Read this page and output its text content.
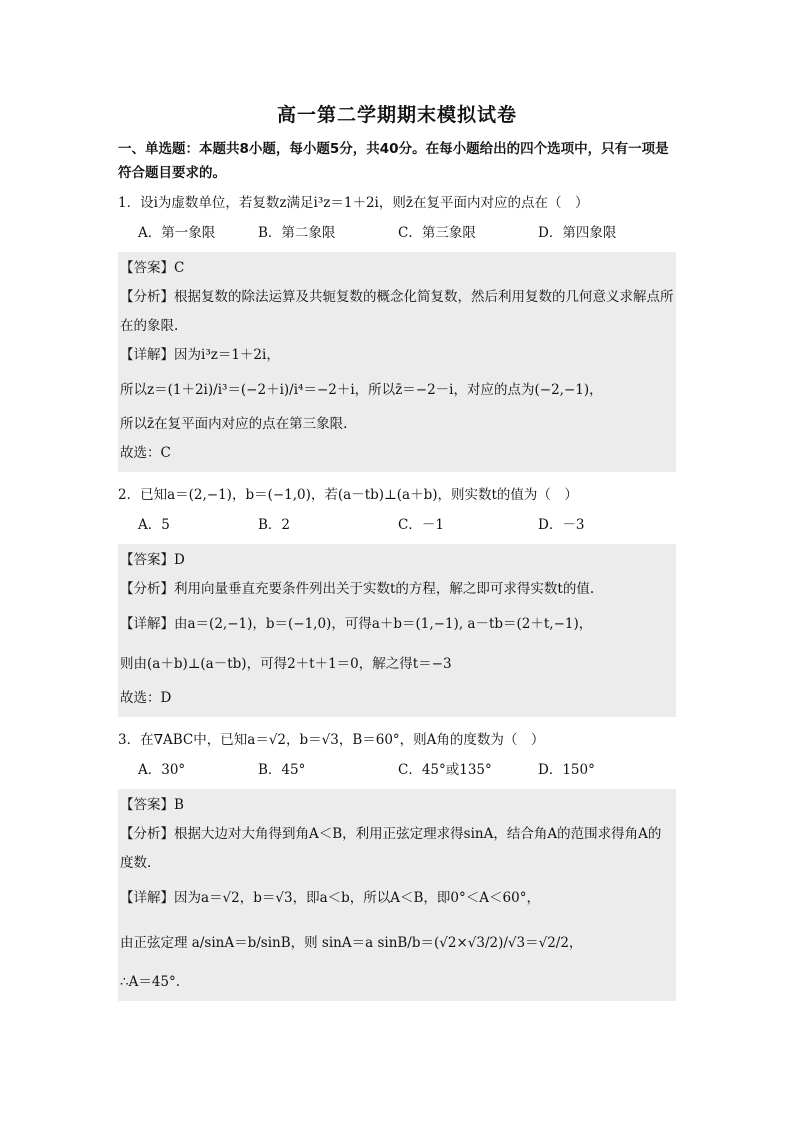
高一第二学期期末模拟试卷
一、单选题：本题共8小题，每小题5分，共40分。在每小题给出的四个选项中，只有一项是符合题目要求的。
1．设i为虚数单位，若复数z满足i³z＝1＋2i，则z̄在复平面内对应的点在（　）
A．第一象限	B．第二象限	C．第三象限	D．第四象限
【答案】C
【分析】根据复数的除法运算及共轭复数的概念化简复数，然后利用复数的几何意义求解点所在的象限.
【详解】因为i³z＝1＋2i，
所以z＝(1＋2i)/i³＝(−2＋i)/i⁴＝−2＋i，所以z̄＝−2－i，对应的点为(−2,−1)，
所以z̄在复平面内对应的点在第三象限.
故选：C
2．已知a＝(2,−1)，b＝(−1,0)，若(a－tb)⊥(a＋b)，则实数t的值为（　）
A．5	B．2	C．－1	D．－3
【答案】D
【分析】利用向量垂直充要条件列出关于实数t的方程，解之即可求得实数t的值.
【详解】由a＝(2,−1)，b＝(−1,0)，可得a＋b＝(1,−1), a－tb＝(2＋t,−1)，
则由(a＋b)⊥(a－tb)，可得2＋t＋1＝0，解之得t＝−3
故选：D
3．在∇ABC中，已知a＝√2，b＝√3，B＝60°，则A角的度数为（　）
A．30°	B．45°	C．45°或135°	D．150°
【答案】B
【分析】根据大边对大角得到角A＜B，利用正弦定理求得sinA，结合角A的范围求得角A的度数.
【详解】因为a＝√2，b＝√3，即a＜b，所以A＜B，即0°＜A＜60°，
由正弦定理 a/sinA＝b/sinB，则 sinA＝a sinB/b＝(√2×√3/2)/√3＝√2/2，
∴A＝45°.
